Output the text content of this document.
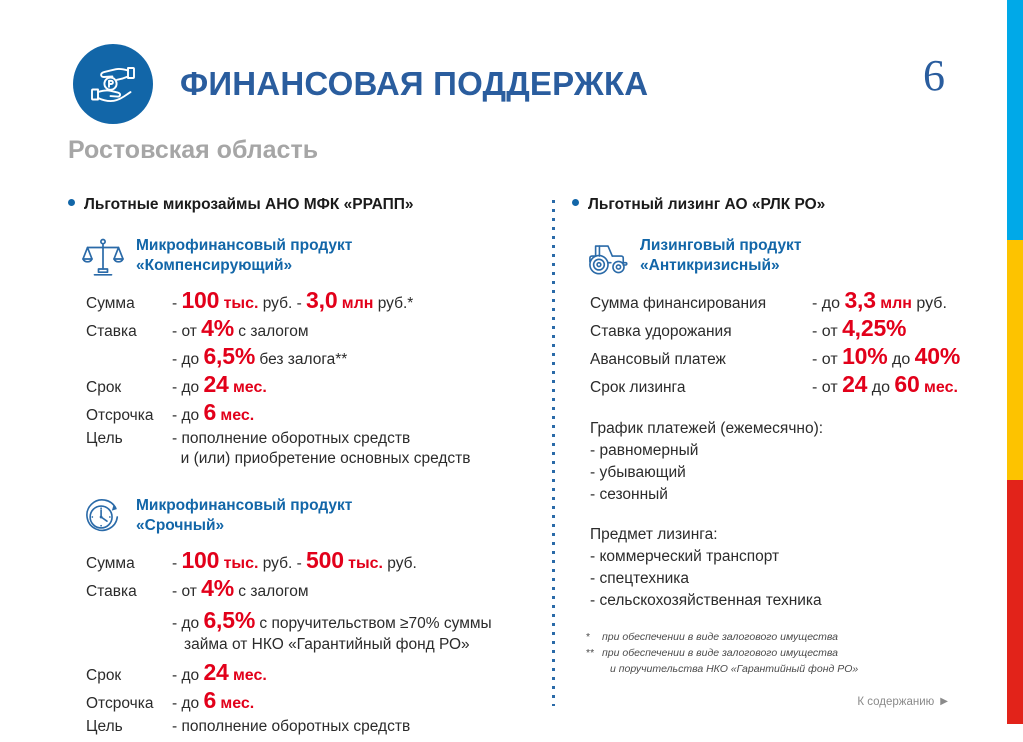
ФИНАНСОВАЯ ПОДДЕРЖКА	6
Ростовская область
Льготные микрозаймы АНО МФК «РРАПП»
Микрофинансовый продукт
«Компенсирующий»
Сумма	- 100 тыс. руб. - 3,0 млн руб.*
Ставка	- от 4% с залогом
- до 6,5% без залога**
Срок	- до 24 мес.
Отсрочка	- до 6 мес.
Цель	- пополнение оборотных средств
и (или) приобретение основных средств
Микрофинансовый продукт
«Срочный»
Сумма	- 100 тыс. руб. - 500 тыс. руб.
Ставка	- от 4% с залогом
- до 6,5% с поручительством ≥70% суммы
займа от НКО «Гарантийный фонд РО»
Срок	- до 24 мес.
Отсрочка	- до 6 мес.
Цель	- пополнение оборотных средств
Льготный лизинг АО «РЛК РО»
Лизинговый продукт
«Антикризисный»
Сумма финансирования	- до 3,3 млн руб.
Ставка удорожания	- от 4,25%
Авансовый платеж	- от 10% до 40%
Срок лизинга	- от 24 до 60 мес.
График платежей (ежемесячно):
- равномерный
- убывающий
- сезонный
Предмет лизинга:
- коммерческий транспорт
- спецтехника
- сельскохозяйственная техника
*	при обеспечении в виде залогового имущества
** при обеспечении в виде залогового имущества
и поручительства НКО «Гарантийный фонд РО»
К содержанию ▶
